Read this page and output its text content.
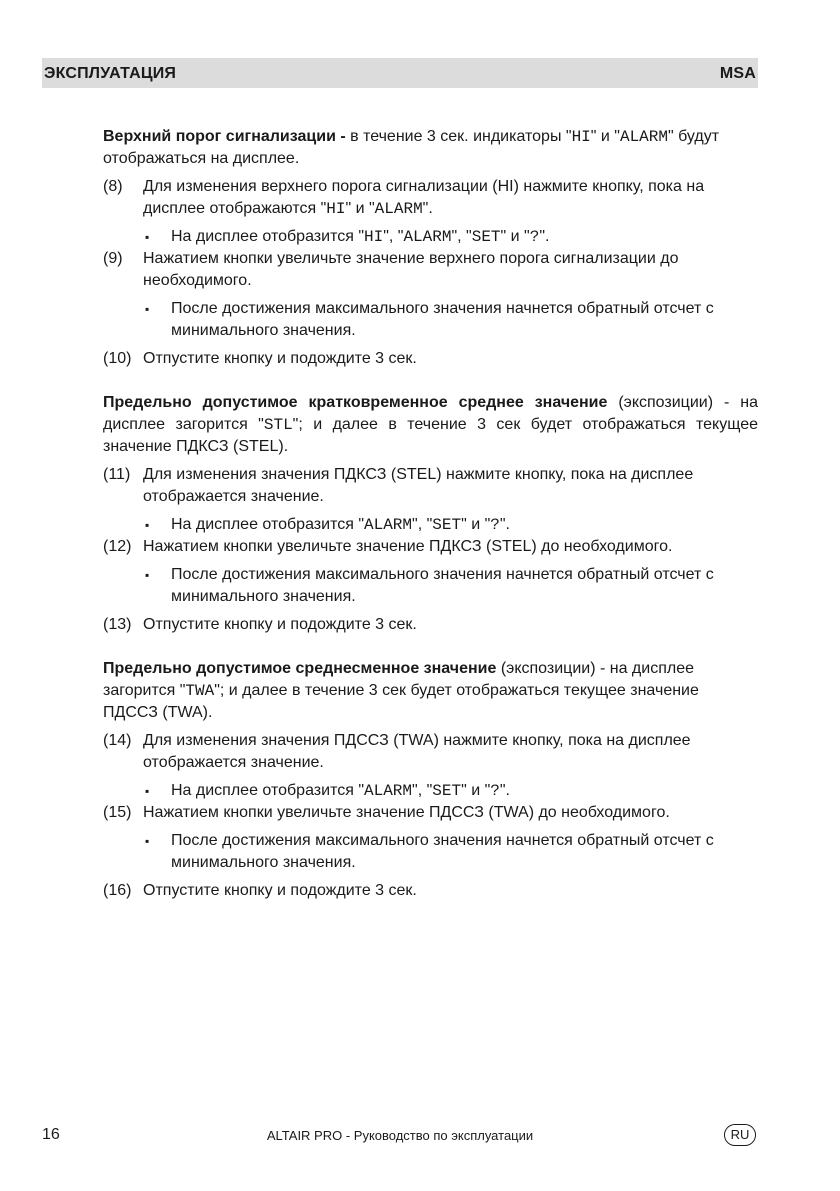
ЭКСПЛУАТАЦИЯ	MSA

Верхний порог сигнализации - в течение 3 сек. индикаторы "HI" и "ALARM" будут отображаться на дисплее.

(8) Для изменения верхнего порога сигнализации (HI) нажмите кнопку, пока на дисплее отображаются "HI" и "ALARM".
▪ На дисплее отобразится "HI", "ALARM", "SET" и "?".
(9) Нажатием кнопки увеличьте значение верхнего порога сигнализации до необходимого.
▪ После достижения максимального значения начнется обратный отсчет с минимального значения.
(10) Отпустите кнопку и подождите 3 сек.

Предельно допустимое кратковременное среднее значение (экспозиции) - на дисплее загорится "STL"; и далее в течение 3 сек будет отображаться текущее значение ПДКСЗ (STEL).

(11) Для изменения значения ПДКСЗ (STEL) нажмите кнопку, пока на дисплее отображается значение.
▪ На дисплее отобразится "ALARM", "SET" и "?".
(12) Нажатием кнопки увеличьте значение ПДКСЗ (STEL) до необходимого.
▪ После достижения максимального значения начнется обратный отсчет с минимального значения.
(13) Отпустите кнопку и подождите 3 сек.

Предельно допустимое среднесменное значение (экспозиции) - на дисплее загорится "TWA"; и далее в течение 3 сек будет отображаться текущее значение ПДССЗ (TWA).

(14) Для изменения значения ПДССЗ (TWA) нажмите кнопку, пока на дисплее отображается значение.
▪ На дисплее отобразится "ALARM", "SET" и "?".
(15) Нажатием кнопки увеличьте значение ПДССЗ (TWA) до необходимого.
▪ После достижения максимального значения начнется обратный отсчет с минимального значения.
(16) Отпустите кнопку и подождите 3 сек.
16	ALTAIR PRO - Руководство по эксплуатации	RU
